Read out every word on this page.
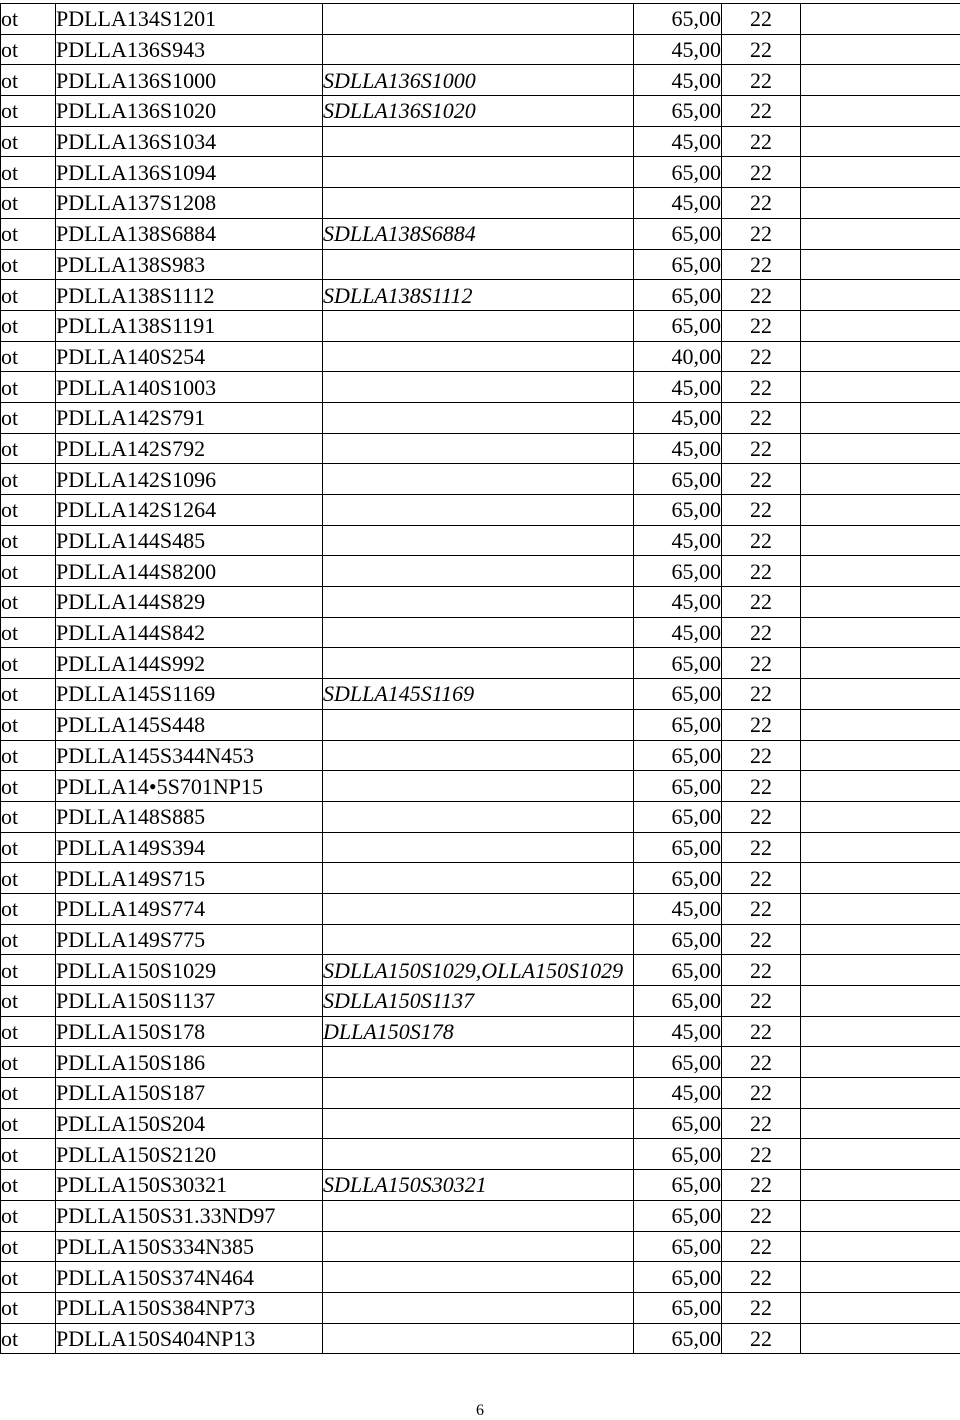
ot	PDLLA134S1201		65,00	22	
ot	PDLLA136S943		45,00	22	
ot	PDLLA136S1000	SDLLA136S1000	45,00	22	
ot	PDLLA136S1020	SDLLA136S1020	65,00	22	
ot	PDLLA136S1034		45,00	22	
ot	PDLLA136S1094		65,00	22	
ot	PDLLA137S1208		45,00	22	
ot	PDLLA138S6884	SDLLA138S6884	65,00	22	
ot	PDLLA138S983		65,00	22	
ot	PDLLA138S1112	SDLLA138S1112	65,00	22	
ot	PDLLA138S1191		65,00	22	
ot	PDLLA140S254		40,00	22	
ot	PDLLA140S1003		45,00	22	
ot	PDLLA142S791		45,00	22	
ot	PDLLA142S792		45,00	22	
ot	PDLLA142S1096		65,00	22	
ot	PDLLA142S1264		65,00	22	
ot	PDLLA144S485		45,00	22	
ot	PDLLA144S8200		65,00	22	
ot	PDLLA144S829		45,00	22	
ot	PDLLA144S842		45,00	22	
ot	PDLLA144S992		65,00	22	
ot	PDLLA145S1169	SDLLA145S1169	65,00	22	
ot	PDLLA145S448		65,00	22	
ot	PDLLA145S344N453		65,00	22	
ot	PDLLA14•5S701NP15		65,00	22	
ot	PDLLA148S885		65,00	22	
ot	PDLLA149S394		65,00	22	
ot	PDLLA149S715		65,00	22	
ot	PDLLA149S774		45,00	22	
ot	PDLLA149S775		65,00	22	
ot	PDLLA150S1029	SDLLA150S1029,OLLA150S1029	65,00	22	
ot	PDLLA150S1137	SDLLA150S1137	65,00	22	
ot	PDLLA150S178	DLLA150S178	45,00	22	
ot	PDLLA150S186		65,00	22	
ot	PDLLA150S187		45,00	22	
ot	PDLLA150S204		65,00	22	
ot	PDLLA150S2120		65,00	22	
ot	PDLLA150S30321	SDLLA150S30321	65,00	22	
ot	PDLLA150S31.33ND97		65,00	22	
ot	PDLLA150S334N385		65,00	22	
ot	PDLLA150S374N464		65,00	22	
ot	PDLLA150S384NP73		65,00	22	
ot	PDLLA150S404NP13		65,00	22	
6
